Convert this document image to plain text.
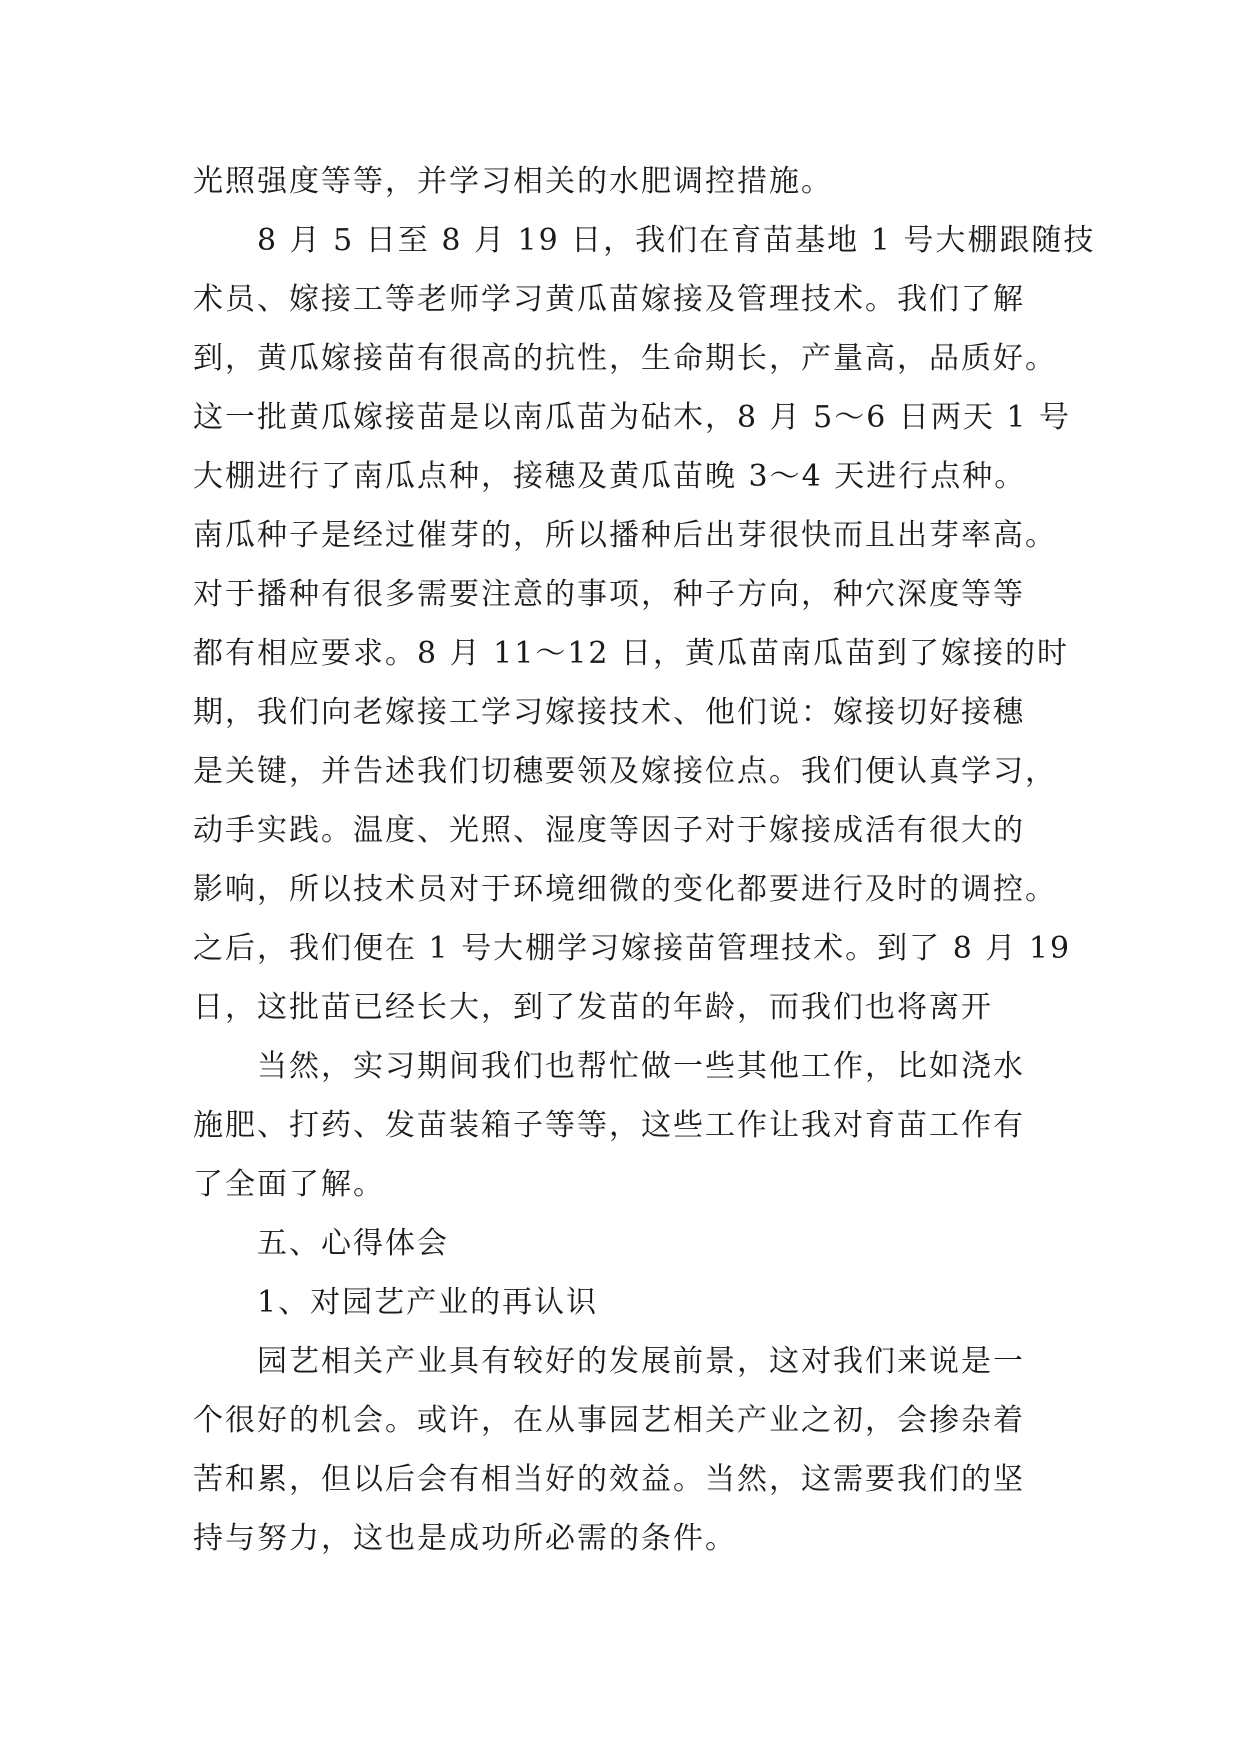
光照强度等等，并学习相关的水肥调控措施。
8 月 5 日至 8 月 19 日，我们在育苗基地 1 号大棚跟随技
术员、嫁接工等老师学习黄瓜苗嫁接及管理技术。我们了解
到，黄瓜嫁接苗有很高的抗性，生命期长，产量高，品质好。
这一批黄瓜嫁接苗是以南瓜苗为砧木，8 月 5～6 日两天 1 号
大棚进行了南瓜点种，接穗及黄瓜苗晚 3～4 天进行点种。
南瓜种子是经过催芽的，所以播种后出芽很快而且出芽率高。
对于播种有很多需要注意的事项，种子方向，种穴深度等等
都有相应要求。8 月 11～12 日，黄瓜苗南瓜苗到了嫁接的时
期，我们向老嫁接工学习嫁接技术、他们说：嫁接切好接穗
是关键，并告述我们切穗要领及嫁接位点。我们便认真学习，
动手实践。温度、光照、湿度等因子对于嫁接成活有很大的
影响，所以技术员对于环境细微的变化都要进行及时的调控。
之后，我们便在 1 号大棚学习嫁接苗管理技术。到了 8 月 19
日，这批苗已经长大，到了发苗的年龄，而我们也将离开
当然，实习期间我们也帮忙做一些其他工作，比如浇水
施肥、打药、发苗装箱子等等，这些工作让我对育苗工作有
了全面了解。
五、心得体会
1、对园艺产业的再认识
园艺相关产业具有较好的发展前景，这对我们来说是一
个很好的机会。或许，在从事园艺相关产业之初，会掺杂着
苦和累，但以后会有相当好的效益。当然，这需要我们的坚
持与努力，这也是成功所必需的条件。
